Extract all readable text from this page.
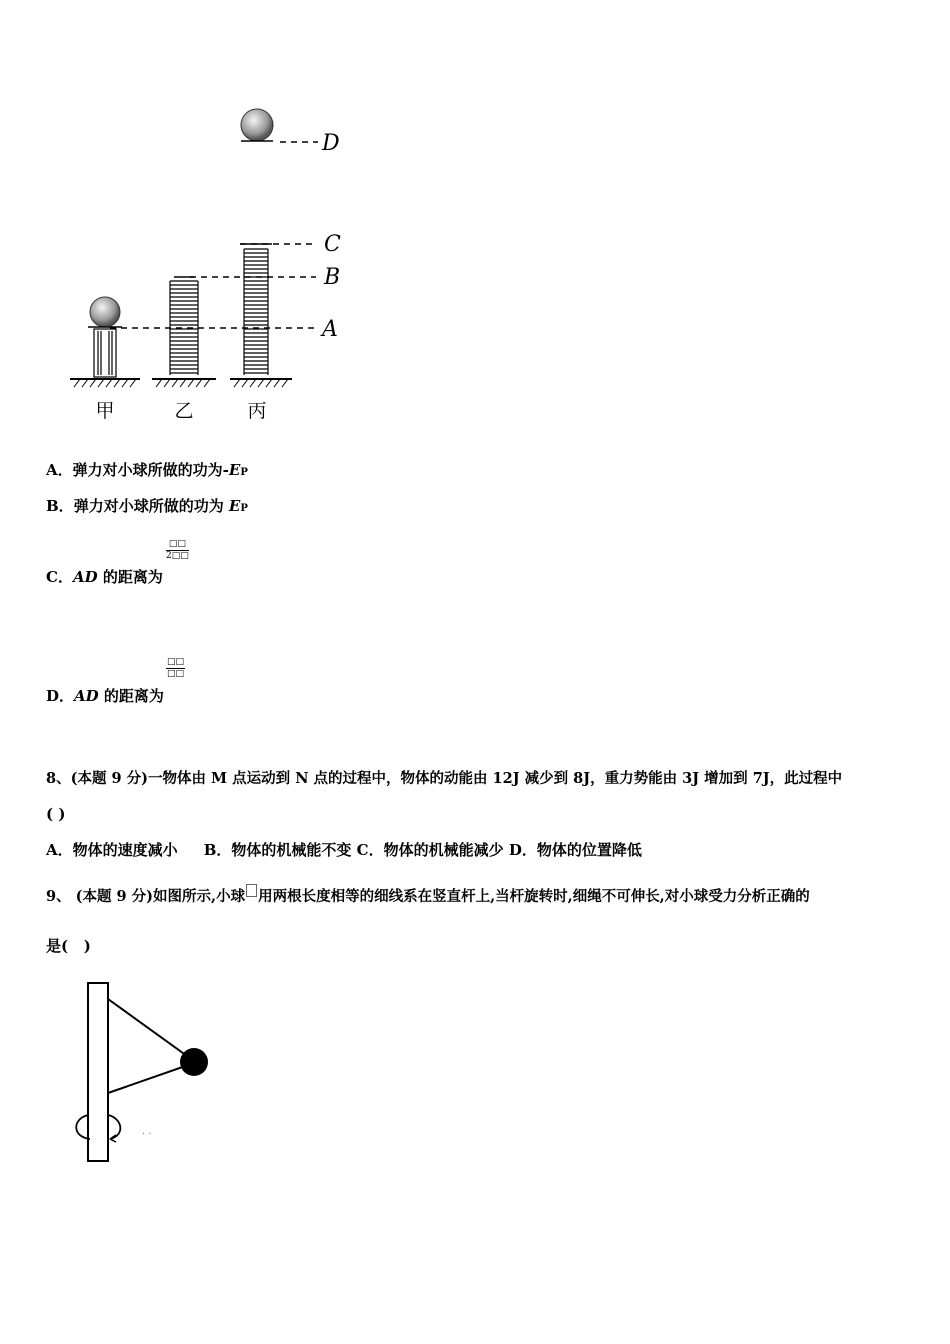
D
C
B
A
甲	乙	丙
A．弹力对小球所做的功为-EP
B．弹力对小球所做的功为 EP
□□
2□□
C．AD 的距离为
□□
□□
D．AD 的距离为
8、(本题 9 分)一物体由 M 点运动到 N 点的过程中，物体的动能由 12J 减少到 8J，重力势能由 3J 增加到 7J，此过程中
( )
A．物体的速度减小     B．物体的机械能不变 C．物体的机械能减少 D．物体的位置降低
9、 (本题 9 分)如图所示,小球 用两根长度相等的细线系在竖直杆上,当杆旋转时,细绳不可伸长,对小球受力分析正确的
是(   )
· ·
